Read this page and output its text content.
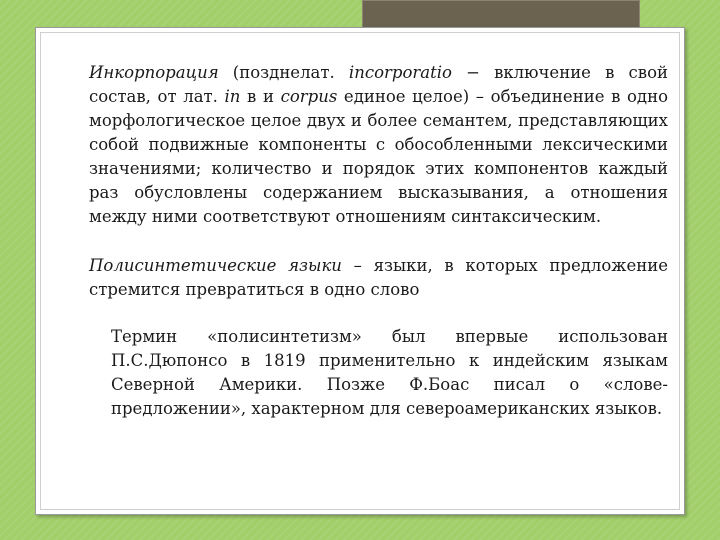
Инкорпорация (позднелат. incorporatio − включение в свой состав, от лат. in в и corpus единое целое) – объединение в одно морфологическое целое двух и более семантем, представляющих собой подвижные компоненты с обособленными лексическими значениями; количество и порядок этих компонентов каждый раз обусловлены содержанием высказывания, а отношения между ними соответствуют отношениям синтаксическим.
Полисинтетические языки – языки, в которых предложение стремится превратиться в одно слово
Термин «полисинтетизм» был впервые использован П.С.Дюпонсо в 1819 применительно к индейским языкам Северной Америки. Позже Ф.Боас писал о «слове-предложении», характерном для североамериканских языков.
